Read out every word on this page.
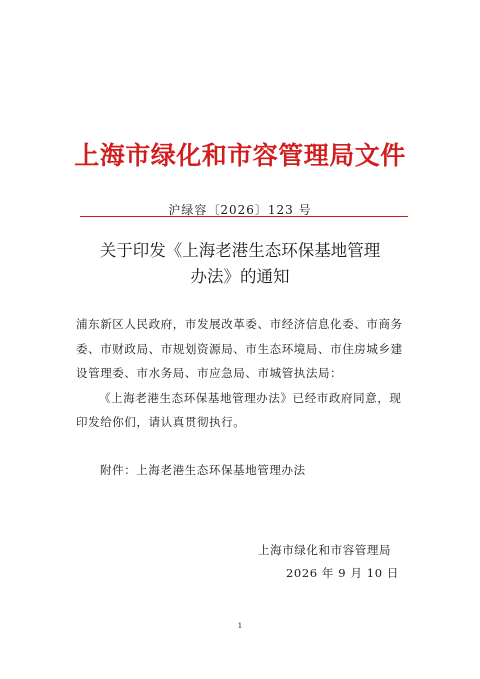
上海市绿化和市容管理局文件
沪绿容〔2026〕123 号
关于印发《上海老港生态环保基地管理
办法》的通知

浦东新区人民政府，市发展改革委、市经济信息化委、市商务委、市财政局、市规划资源局、市生态环境局、市住房城乡建设管理委、市水务局、市应急局、市城管执法局：

《上海老港生态环保基地管理办法》已经市政府同意，现印发给你们，请认真贯彻执行。

附件：上海老港生态环保基地管理办法
上海市绿化和市容管理局
2026 年 9 月 10 日
1
